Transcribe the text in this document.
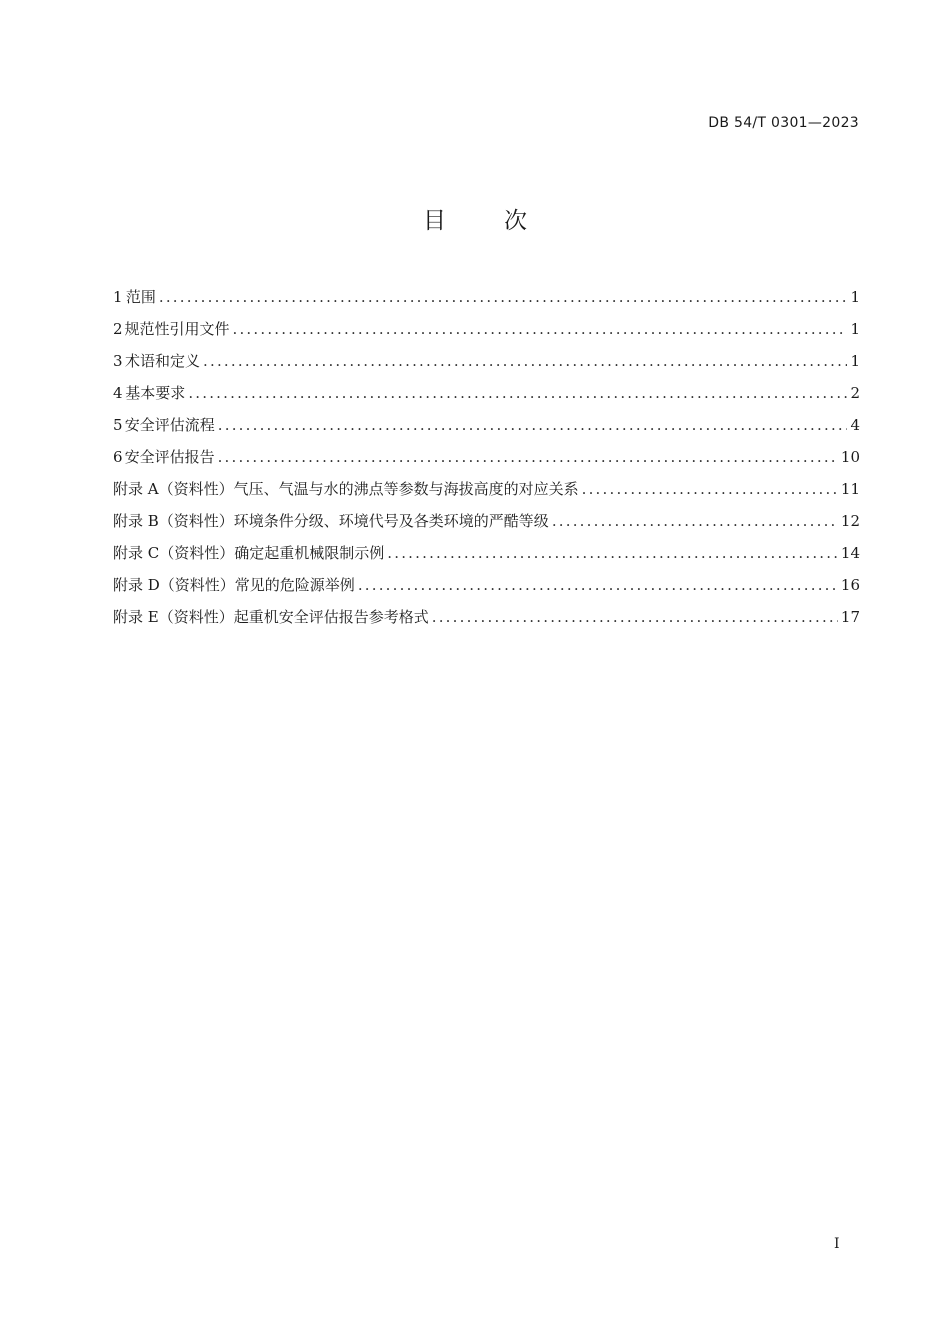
DB 54/T 0301—2023
目次
1 范围 .....	1
2 规范性引用文件 .....	1
3 术语和定义 .....	1
4 基本要求 .....	2
5 安全评估流程 .....	4
6 安全评估报告 .....	10
附录 A（资料性） 气压、气温与水的沸点等参数与海拔高度的对应关系 .....	11
附录 B（资料性） 环境条件分级、环境代号及各类环境的严酷等级 .....	12
附录 C（资料性） 确定起重机械限制示例 .....	14
附录 D（资料性） 常见的危险源举例 .....	16
附录 E（资料性） 起重机安全评估报告参考格式 .....	17
I
